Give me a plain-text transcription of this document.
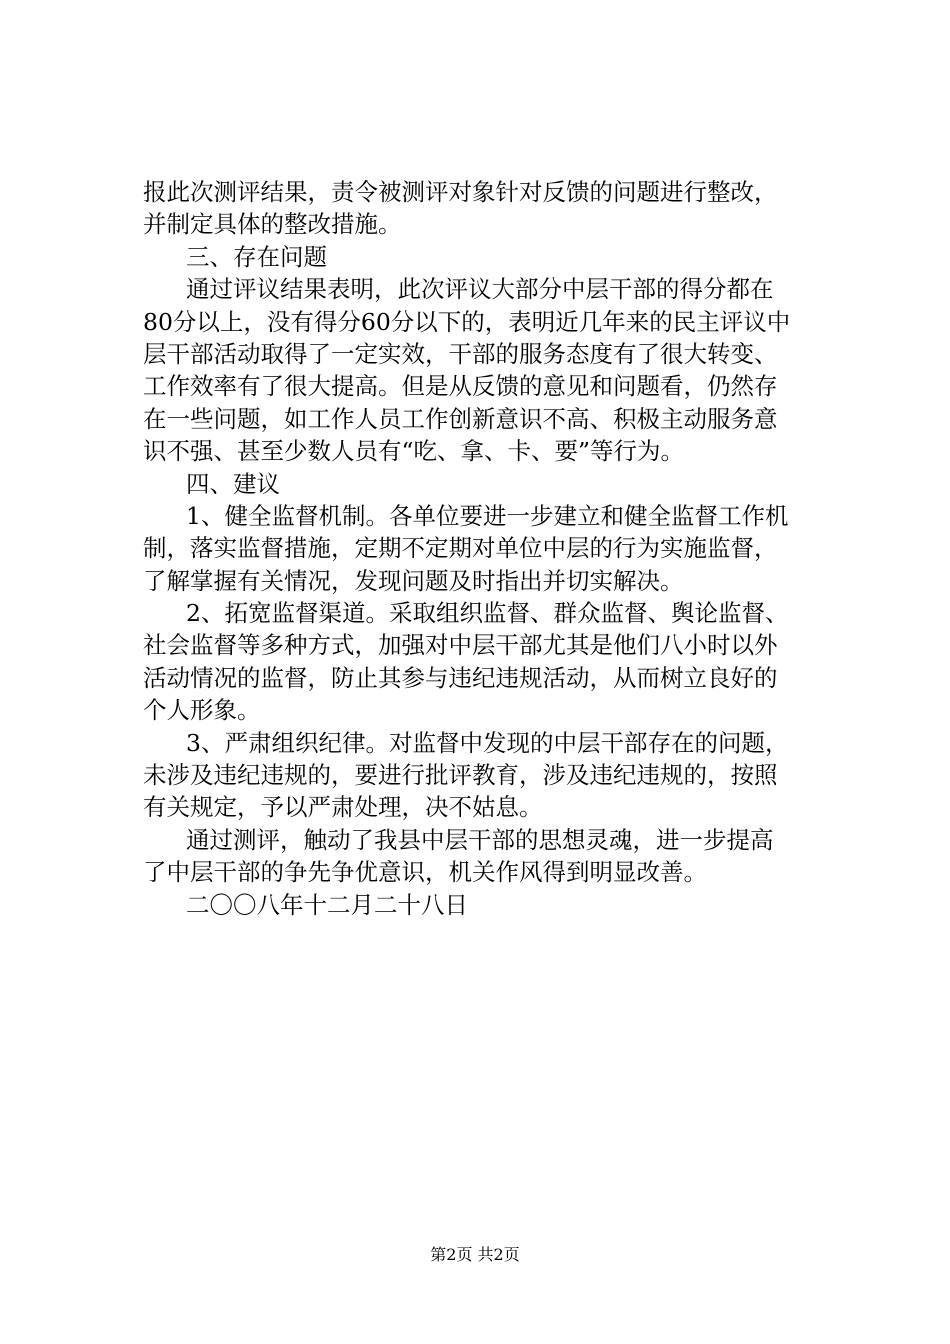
报此次测评结果，责令被测评对象针对反馈的问题进行整改，
并制定具体的整改措施。
三、存在问题
通过评议结果表明，此次评议大部分中层干部的得分都在
80分以上，没有得分60分以下的，表明近几年来的民主评议中
层干部活动取得了一定实效，干部的服务态度有了很大转变、
工作效率有了很大提高。但是从反馈的意见和问题看，仍然存
在一些问题，如工作人员工作创新意识不高、积极主动服务意
识不强、甚至少数人员有“吃、拿、卡、要”等行为。
四、建议
1、健全监督机制。各单位要进一步建立和健全监督工作机
制，落实监督措施，定期不定期对单位中层的行为实施监督，
了解掌握有关情况，发现问题及时指出并切实解决。
2、拓宽监督渠道。采取组织监督、群众监督、舆论监督、
社会监督等多种方式，加强对中层干部尤其是他们八小时以外
活动情况的监督，防止其参与违纪违规活动，从而树立良好的
个人形象。
3、严肃组织纪律。对监督中发现的中层干部存在的问题，
未涉及违纪违规的，要进行批评教育，涉及违纪违规的，按照
有关规定，予以严肃处理，决不姑息。
通过测评，触动了我县中层干部的思想灵魂，进一步提高
了中层干部的争先争优意识，机关作风得到明显改善。
二〇〇八年十二月二十八日
第2页 共2页
